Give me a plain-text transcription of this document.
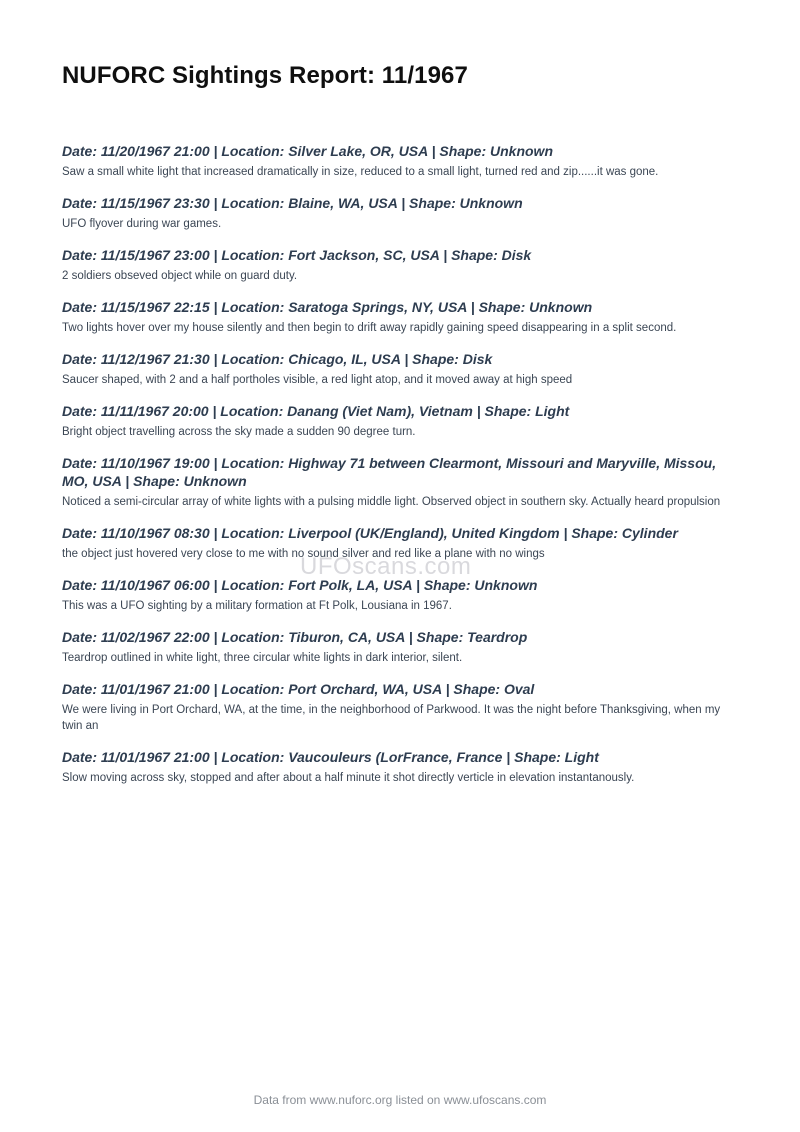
NUFORC Sightings Report: 11/1967

Date: 11/20/1967 21:00 | Location: Silver Lake, OR, USA | Shape: Unknown

Saw a small white light that increased dramatically in size, reduced to a small light, turned red and zip......it was gone.

Date: 11/15/1967 23:30 | Location: Blaine, WA, USA | Shape: Unknown

UFO flyover during war games.

Date: 11/15/1967 23:00 | Location: Fort Jackson, SC, USA | Shape: Disk

2 soldiers obseved object while on guard duty.

Date: 11/15/1967 22:15 | Location: Saratoga Springs, NY, USA | Shape: Unknown

Two lights hover over my house silently and then begin to drift away rapidly gaining speed disappearing in a split second.

Date: 11/12/1967 21:30 | Location: Chicago, IL, USA | Shape: Disk

Saucer shaped, with 2 and a half portholes visible, a red light atop, and it moved away at high speed

Date: 11/11/1967 20:00 | Location: Danang (Viet Nam), Vietnam | Shape: Light

Bright object travelling across the sky made a sudden 90 degree turn.

Date: 11/10/1967 19:00 | Location: Highway 71 between Clearmont, Missouri and Maryville, Missou, MO, USA | Shape: Unknown

Noticed a semi-circular array of white lights with a pulsing middle light. Observed object in southern sky. Actually heard propulsion

Date: 11/10/1967 08:30 | Location: Liverpool (UK/England), United Kingdom | Shape: Cylinder

the object just hovered very close to me with no sound silver and red like a plane with no wings

Date: 11/10/1967 06:00 | Location: Fort Polk, LA, USA | Shape: Unknown

This was a UFO sighting by a military formation at Ft Polk, Lousiana in 1967.

Date: 11/02/1967 22:00 | Location: Tiburon, CA, USA | Shape: Teardrop

Teardrop outlined in white light, three circular white lights in dark interior, silent.

Date: 11/01/1967 21:00 | Location: Port Orchard, WA, USA | Shape: Oval

We were living in Port Orchard, WA, at the time, in the neighborhood of Parkwood. It was the night before Thanksgiving, when my twin an

Date: 11/01/1967 21:00 | Location: Vaucouleurs (LorFrance, France | Shape: Light

Slow moving across sky, stopped and after about a half minute it shot directly verticle in elevation instantanously.

UFOscans.com
Data from www.nuforc.org listed on www.ufoscans.com
